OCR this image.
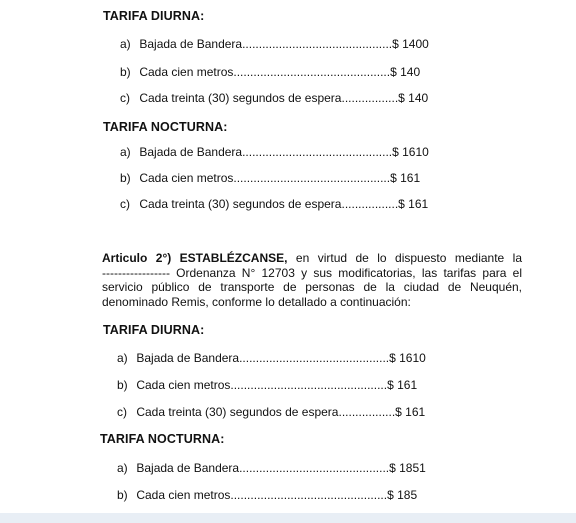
TARIFA DIURNA:
a) Bajada de Bandera.............................................$ 1400
b) Cada cien metros...............................................$ 140
c) Cada treinta (30) segundos de espera.................$ 140
TARIFA NOCTURNA:
a) Bajada de Bandera.............................................$ 1610
b) Cada cien metros...............................................$ 161
c) Cada treinta (30) segundos de espera.................$ 161
Articulo 2°) ESTABLÉZCANSE, en virtud de lo dispuesto mediante la
----------------- Ordenanza N° 12703 y sus modificatorias, las tarifas para el
servicio público de transporte de personas de la ciudad de Neuquén,
denominado Remis, conforme lo detallado a continuación:
TARIFA DIURNA:
a) Bajada de Bandera.............................................$ 1610
b) Cada cien metros...............................................$ 161
c) Cada treinta (30) segundos de espera.................$ 161
TARIFA NOCTURNA:
a) Bajada de Bandera.............................................$ 1851
b) Cada cien metros...............................................$ 185
